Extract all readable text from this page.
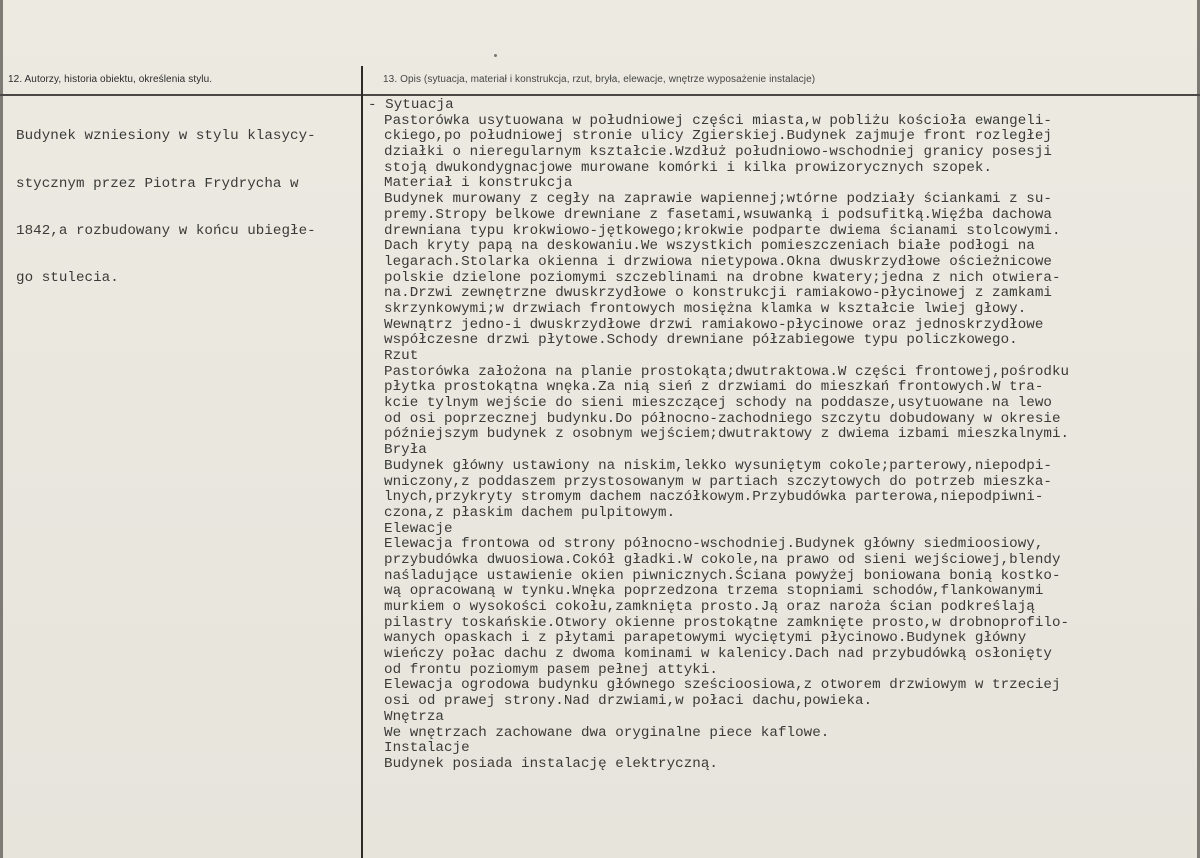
12. Autorzy, historia obiektu, określenia stylu.	13. Opis (sytuacja, materiał i konstrukcja, rzut, bryła, elewacje, wnętrze wyposażenie instalacje)

Budynek wzniesiony w stylu klasycy-

stycznym przez Piotra Frydrycha w

1842,a rozbudowany w końcu ubiegłe-

go stulecia.

- Sytuacja
Pastorówka usytuowana w południowej części miasta,w pobliżu kościoła ewangeli-
ckiego,po południowej stronie ulicy Zgierskiej.Budynek zajmuje front rozległej
działki o nieregularnym kształcie.Wzdłuż południowo-wschodniej granicy posesji
stoją dwukondygnacjowe murowane komórki i kilka prowizorycznych szopek.
Materiał i konstrukcja
Budynek murowany z cegły na zaprawie wapiennej;wtórne podziały ściankami z su-
premy.Stropy belkowe drewniane z fasetami,wsuwanką i podsufitką.Więźba dachowa
drewniana typu krokwiowo-jętkowego;krokwie podparte dwiema ścianami stolcowymi.
Dach kryty papą na deskowaniu.We wszystkich pomieszczeniach białe podłogi na
legarach.Stolarka okienna i drzwiowa nietypowa.Okna dwuskrzydłowe ościeżnicowe
polskie dzielone poziomymi szczeblinami na drobne kwatery;jedna z nich otwiera-
na.Drzwi zewnętrzne dwuskrzydłowe o konstrukcji ramiakowo-płycinowej z zamkami
skrzynkowymi;w drzwiach frontowych mosiężna klamka w kształcie lwiej głowy.
Wewnątrz jedno-i dwuskrzydłowe drzwi ramiakowo-płycinowe oraz jednoskrzydłowe
współczesne drzwi płytowe.Schody drewniane półzabiegowe typu policzkowego.
Rzut
Pastorówka założona na planie prostokąta;dwutraktowa.W części frontowej,pośrodku
płytka prostokątna wnęka.Za nią sień z drzwiami do mieszkań frontowych.W tra-
kcie tylnym wejście do sieni mieszczącej schody na poddasze,usytuowane na lewo
od osi poprzecznej budynku.Do północno-zachodniego szczytu dobudowany w okresie
późniejszym budynek z osobnym wejściem;dwutraktowy z dwiema izbami mieszkalnymi.
Bryła
Budynek główny ustawiony na niskim,lekko wysuniętym cokole;parterowy,niepodpi-
wniczony,z poddaszem przystosowanym w partiach szczytowych do potrzeb mieszka-
lnych,przykryty stromym dachem naczółkowym.Przybudówka parterowa,niepodpiwni-
czona,z płaskim dachem pulpitowym.
Elewacje
Elewacja frontowa od strony północno-wschodniej.Budynek główny siedmioosiowy,
przybudówka dwuosiowa.Cokół gładki.W cokole,na prawo od sieni wejściowej,blendy
naśladujące ustawienie okien piwnicznych.Ściana powyżej boniowana bonią kostko-
wą opracowaną w tynku.Wnęka poprzedzona trzema stopniami schodów,flankowanymi
murkiem o wysokości cokołu,zamknięta prosto.Ją oraz naroża ścian podkreślają
pilastry toskańskie.Otwory okienne prostokątne zamknięte prosto,w drobnoprofilo-
wanych opaskach i z płytami parapetowymi wyciętymi płycinowo.Budynek główny
wieńczy połac dachu z dwoma kominami w kalenicy.Dach nad przybudówką osłonięty
od frontu poziomym pasem pełnej attyki.
Elewacja ogrodowa budynku głównego sześcioosiowa,z otworem drzwiowym w trzeciej
osi od prawej strony.Nad drzwiami,w połaci dachu,powieka.
Wnętrza
We wnętrzach zachowane dwa oryginalne piece kaflowe.
Instalacje
Budynek posiada instalację elektryczną.
